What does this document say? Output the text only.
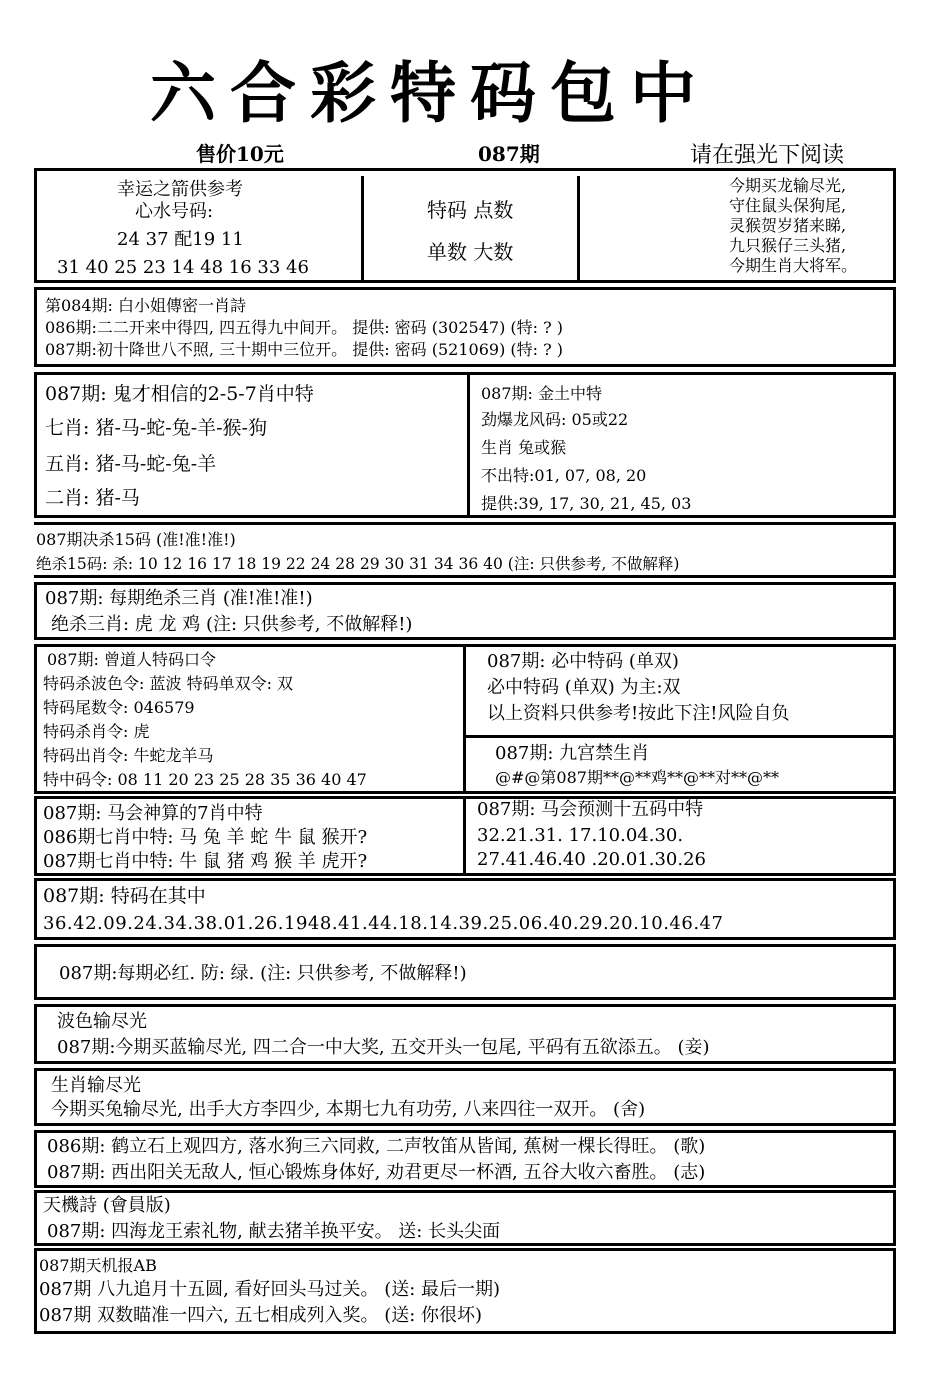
六合彩特码包中
售价10元	087期	请在强光下阅读
幸运之箭供参考
心水号码:
24 37 配19 11
31 40 25 23 14 48 16 33 46
特码 点数
单数 大数
今期买龙输尽光,
守住鼠头保狗尾,
灵猴贺岁猪来睇,
九只猴仔三头猪,
今期生肖大将军。
第084期: 白小姐傳密一肖詩
086期:二二开来中得四, 四五得九中间开。 提供: 密码 (302547) (特: ? )
087期:初十降世八不照, 三十期中三位开。 提供: 密码 (521069) (特: ? )
087期: 鬼才相信的2-5-7肖中特
七肖: 猪-马-蛇-兔-羊-猴-狗
五肖: 猪-马-蛇-兔-羊
二肖: 猪-马
087期: 金土中特
劲爆龙风码: 05或22
生肖 兔或猴
不出特:01, 07, 08, 20
提供:39, 17, 30, 21, 45, 03
087期决杀15码 (准!准!准!)
绝杀15码: 杀: 10 12 16 17 18 19 22 24 28 29 30 31 34 36 40 (注: 只供参考, 不做解释)
087期: 每期绝杀三肖 (准!准!准!)
绝杀三肖: 虎 龙 鸡 (注: 只供参考, 不做解释!)
087期: 曾道人特码口令
特码杀波色令: 蓝波 特码单双令: 双
特码尾数令: 046579
特码杀肖令: 虎
特码出肖令: 牛蛇龙羊马
特中码令: 08 11 20 23 25 28 35 36 40 47
087期: 必中特码 (单双)
必中特码 (单双) 为主:双
以上资料只供参考!按此下注!风险自负
087期: 九宫禁生肖
@#@第087期**@**鸡**@**对**@**
087期: 马会神算的7肖中特
086期七肖中特: 马 兔 羊 蛇 牛 鼠 猴开?
087期七肖中特: 牛 鼠 猪 鸡 猴 羊 虎开?
087期: 马会预测十五码中特
32.21.31. 17.10.04.30.
27.41.46.40 .20.01.30.26
087期: 特码在其中
36.42.09.24.34.38.01.26.1948.41.44.18.14.39.25.06.40.29.20.10.46.47
087期:每期必红. 防: 绿. (注: 只供参考, 不做解释!)
波色输尽光
087期:今期买蓝输尽光, 四二合一中大奖, 五交开头一包尾, 平码有五欲添五。 (妾)
生肖输尽光
今期买兔输尽光, 出手大方李四少, 本期七九有功劳, 八来四往一双开。 (舍)
086期: 鹤立石上观四方, 落水狗三六同救, 二声牧笛从皆闻, 蕉树一棵长得旺。 (歌)
087期: 西出阳关无敌人, 恒心锻炼身体好, 劝君更尽一杯酒, 五谷大收六畜胜。 (志)
天機詩 (會員版)
087期: 四海龙王索礼物, 献去猪羊换平安。 送: 长头尖面
087期天机报AB
087期 八九追月十五圆, 看好回头马过关。 (送: 最后一期)
087期 双数瞄准一四六, 五七相成列入奖。 (送: 你很坏)
